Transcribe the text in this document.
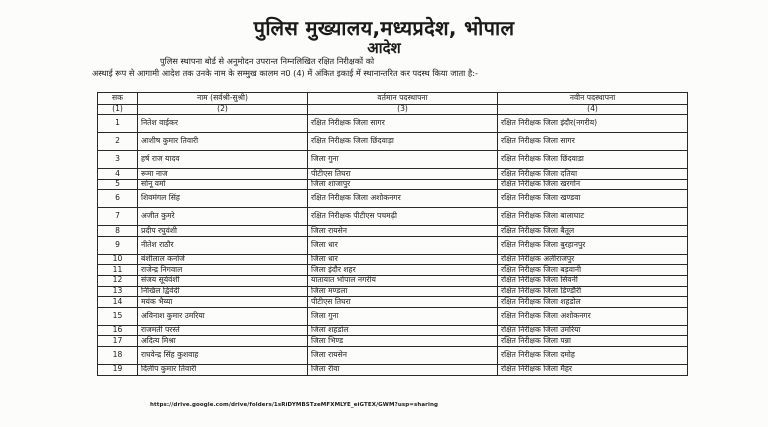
पुलिस मुख्यालय,मध्यप्रदेश, भोपाल
आदेश
पुलिस स्थापना बोर्ड से अनुमोदन उपरान्त निम्नलिखित रक्षित निरीक्षकों को
अस्थाई रूप से आगामी आदेश तक उनके नाम के सम्मुख कालम न0 (4) में अंकित इकाई में स्थानान्तरित कर पदस्थ किया जाता है:-
सक	नाम (सर्वश्री-सुश्री)	वर्तमान पदस्थापना	नवीन पदस्थापना
(1)	(2)	(3)	(4)
1	नितेश वाईकर	रक्षित निरीक्षक जिला सागर	रक्षित निरीक्षक जिला इंदौर(नगरीय)
2	आशीष कुमार तिवारी	रक्षित निरीक्षक जिला छिंदवाड़ा	रक्षित निरीक्षक जिला सागर
3	हर्ष राज यादव	जिला गुना	रक्षित निरीक्षक जिला छिंदवाडा
4	रूमा नाज	पीटीएस तिघरा	रक्षित निरीक्षक जिला दतिया
5	सोनू वर्मा	जिला शाजापुर	रक्षित निरीक्षक जिला खरगोन
6	शिवमंगल सिंह	रक्षित निरीक्षक जिला अशोकनगर	रक्षित निरीक्षक जिला खण्डवा
7	अजीत कुमरे	रक्षित निरीक्षक पीटीएस पचमढ़ी	रक्षित निरीक्षक जिला बालाघाट
8	प्रदीप रघुवंशी	जिला रायसेन	रक्षित निरीक्षक जिला बैतूल
9	नीतेश राठौर	जिला धार	रक्षित निरीक्षक जिला बुरहानपुर
10	बंशीलाल कनोजे	जिला धार	रक्षित निरीक्षक अलीराजपुर
11	राजेन्द्र निगवाल	जिला इंदौर शहर	रक्षित निरीक्षक जिला बड़वानी
12	संजय सूर्यवंशी	यातायात भोपाल नगरीय	रक्षित निरीक्षक जिला सिवनी
13	निखिल द्विवेदी	जिला मण्डला	रक्षित निरीक्षक जिला डिण्डौरी
14	मयंक भैय्या	पीटीएस तिघरा	रक्षित निरीक्षक जिला शहडोल
15	अविनाश कुमार उमरिया	जिला गुना	रक्षित निरीक्षक जिला अशोकनगर
16	राजमती परस्ते	जिला शहडोल	रक्षित निरीक्षक जिला उमरिया
17	अदित्य मिश्रा	जिला भिण्ड	रक्षित निरीक्षक जिला पन्ना
18	राघवेन्द्र सिंह कुशवाह	जिला रायसेन	रक्षित निरीक्षक जिला दमोह
19	दिलीप कुमार तिवारी	जिला रीवा	रक्षित निरीक्षक जिला मैहर
https://drive.google.com/drive/folders/1sRiDYMBSTzeMFXMLYE_eiGTEX/GWM?usp=sharing
